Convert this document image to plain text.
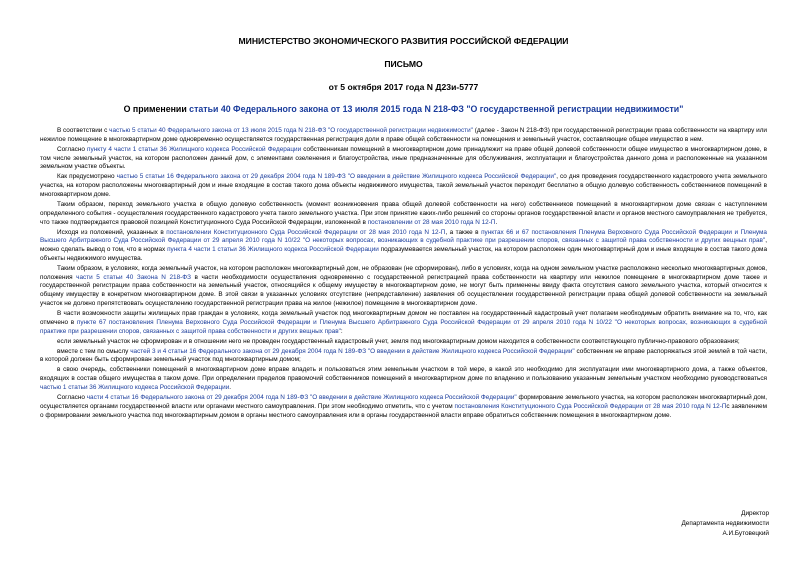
МИНИСТЕРСТВО ЭКОНОМИЧЕСКОГО РАЗВИТИЯ РОССИЙСКОЙ ФЕДЕРАЦИИ
ПИСЬМО
от 5 октября 2017 года N Д23и-5777
О применении статьи 40 Федерального закона от 13 июля 2015 года N 218-ФЗ "О государственной регистрации недвижимости"

В соответствии с частью 5 статьи 40 Федерального закона от 13 июля 2015 года N 218-ФЗ "О государственной регистрации недвижимости" (далее - Закон N 218-ФЗ) при государственной регистрации права собственности на квартиру или нежилое помещение в многоквартирном доме одновременно осуществляется государственная регистрация доли в праве общей собственности на помещения и земельный участок, составляющие общее имущество в нем.

Согласно пункту 4 части 1 статьи 36 Жилищного кодекса Российской Федерации собственникам помещений в многоквартирном доме принадлежит на праве общей долевой собственности общее имущество в многоквартирном доме, в том числе земельный участок, на котором расположен данный дом, с элементами озеленения и благоустройства, иные предназначенные для обслуживания, эксплуатации и благоустройства данного дома и расположенные на указанном земельном участке объекты.

Как предусмотрено частью 5 статьи 16 Федерального закона от 29 декабря 2004 года N 189-ФЗ "О введении в действие Жилищного кодекса Российской Федерации", со дня проведения государственного кадастрового учета земельного участка, на котором расположены многоквартирный дом и иные входящие в состав такого дома объекты недвижимого имущества, такой земельный участок переходит бесплатно в общую долевую собственность собственников помещений в многоквартирном доме.

Таким образом, переход земельного участка в общую долевую собственность (момент возникновения права общей долевой собственности на него) собственников помещений в многоквартирном доме связан с наступлением определенного события - осуществления государственного кадастрового учета такого земельного участка. При этом принятие каких-либо решений со стороны органов государственной власти и органов местного самоуправления не требуется, что также подтверждается правовой позицией Конституционного Суда Российской Федерации, изложенной в постановлении от 28 мая 2010 года N 12-П.

Исходя из положений, указанных в постановлении Конституционного Суда Российской Федерации от 28 мая 2010 года N 12-П, а также в пунктах 66 и 67 постановления Пленума Верховного Суда Российской Федерации и Пленума Высшего Арбитражного Суда Российской Федерации от 29 апреля 2010 года N 10/22 "О некоторых вопросах, возникающих в судебной практике при разрешении споров, связанных с защитой права собственности и других вещных прав", можно сделать вывод о том, что в нормах пункта 4 части 1 статьи 36 Жилищного кодекса Российской Федерации подразумевается земельный участок, на котором расположен один многоквартирный дом и иные входящие в состав такого дома объекты недвижимого имущества.

Таким образом, в условиях, когда земельный участок, на котором расположен многоквартирный дом, не образован (не сформирован), либо в условиях, когда на одном земельном участке расположено несколько многоквартирных домов, положения части 5 статьи 40 Закона N 218-ФЗ в части необходимости осуществления одновременно с государственной регистрацией права собственности на квартиру или нежилое помещение в многоквартирном доме также и государственной регистрации права собственности на земельный участок, относящийся к общему имуществу в многоквартирном доме, не могут быть применены ввиду факта отсутствия самого земельного участка, который относится к общему имуществу в конкретном многоквартирном доме. В этой связи в указанных условиях отсутствие (непредставление) заявления об осуществлении государственной регистрации права общей долевой собственности на земельный участок не должно препятствовать осуществлению государственной регистрации права на жилое (нежилое) помещение в многоквартирном доме.

В части возможности защиты жилищных прав граждан в условиях, когда земельный участок под многоквартирным домом не поставлен на государственный кадастровый учет полагаем необходимым обратить внимание на то, что, как отмечено в пункте 67 постановления Пленума Верховного Суда Российской Федерации и Пленума Высшего Арбитражного Суда Российской Федерации от 29 апреля 2010 года N 10/22 "О некоторых вопросах, возникающих в судебной практике при разрешении споров, связанных с защитой права собственности и других вещных прав":

если земельный участок не сформирован и в отношении него не проведен государственный кадастровый учет, земля под многоквартирным домом находится в собственности соответствующего публично-правового образования;

вместе с тем по смыслу частей 3 и 4 статьи 16 Федерального закона от 29 декабря 2004 года N 189-ФЗ "О введении в действие Жилищного кодекса Российской Федерации" собственник не вправе распоряжаться этой землей в той части, в которой должен быть сформирован земельный участок под многоквартирным домом;

в свою очередь, собственники помещений в многоквартирном доме вправе владеть и пользоваться этим земельным участком в той мере, в какой это необходимо для эксплуатации ими многоквартирного дома, а также объектов, входящих в состав общего имущества в таком доме. При определении пределов правомочий собственников помещений в многоквартирном доме по владению и пользованию указанным земельным участком необходимо руководствоваться частью 1 статьи 36 Жилищного кодекса Российской Федерации.

Согласно части 4 статьи 16 Федерального закона от 29 декабря 2004 года N 189-ФЗ "О введении в действие Жилищного кодекса Российской Федерации" формирование земельного участка, на котором расположен многоквартирный дом, осуществляется органами государственной власти или органами местного самоуправления. При этом необходимо отметить, что с учетом постановления Конституционного Суда Российской Федерации от 28 мая 2010 года N 12-Пс заявлением о формировании земельного участка под многоквартирным домом в органы местного самоуправления или в органы государственной власти вправе обратиться собственник помещения в многоквартирном доме.

Директор
Департамента недвижимости
А.И.Бутовецкий
